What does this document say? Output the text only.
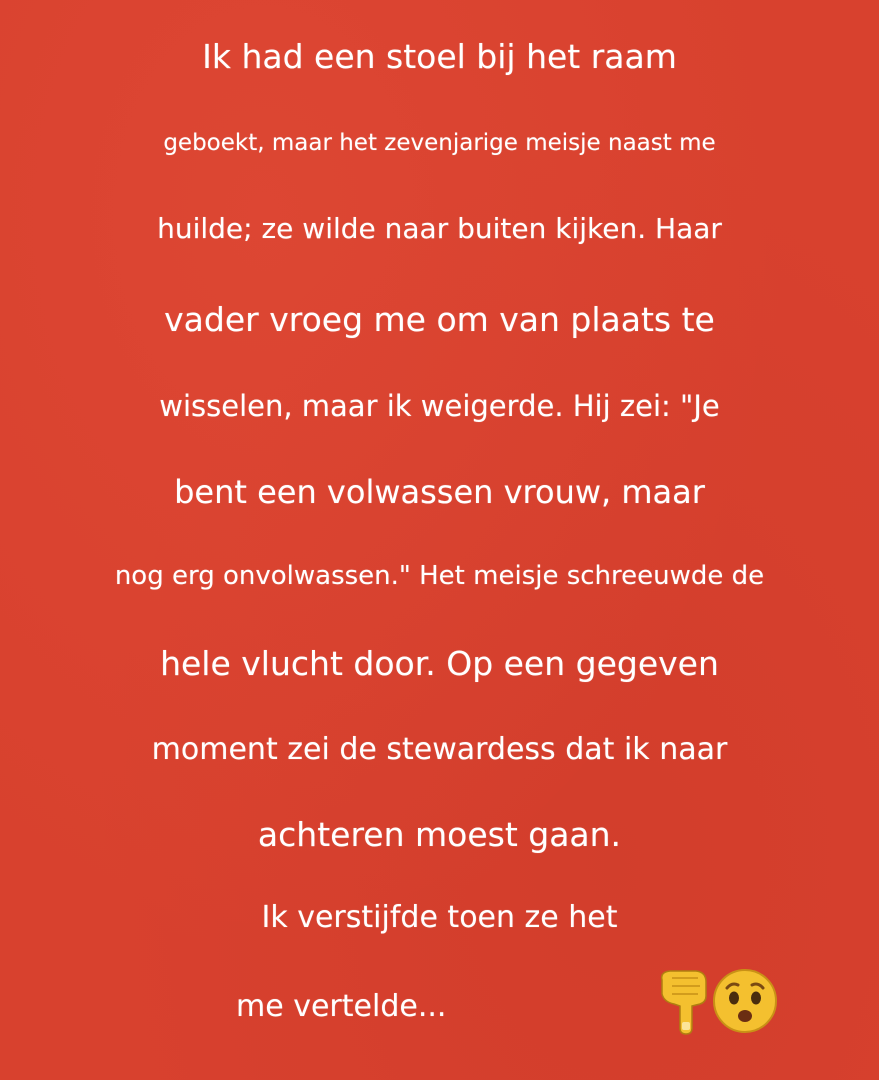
Ik had een stoel bij het raam
geboekt, maar het zevenjarige meisje naast me
huilde; ze wilde naar buiten kijken. Haar
vader vroeg me om van plaats te
wisselen, maar ik weigerde. Hij zei: "Je
bent een volwassen vrouw, maar
nog erg onvolwassen." Het meisje schreeuwde de
hele vlucht door. Op een gegeven
moment zei de stewardess dat ik naar
achteren moest gaan.
Ik verstijfde toen ze het
me vertelde...
